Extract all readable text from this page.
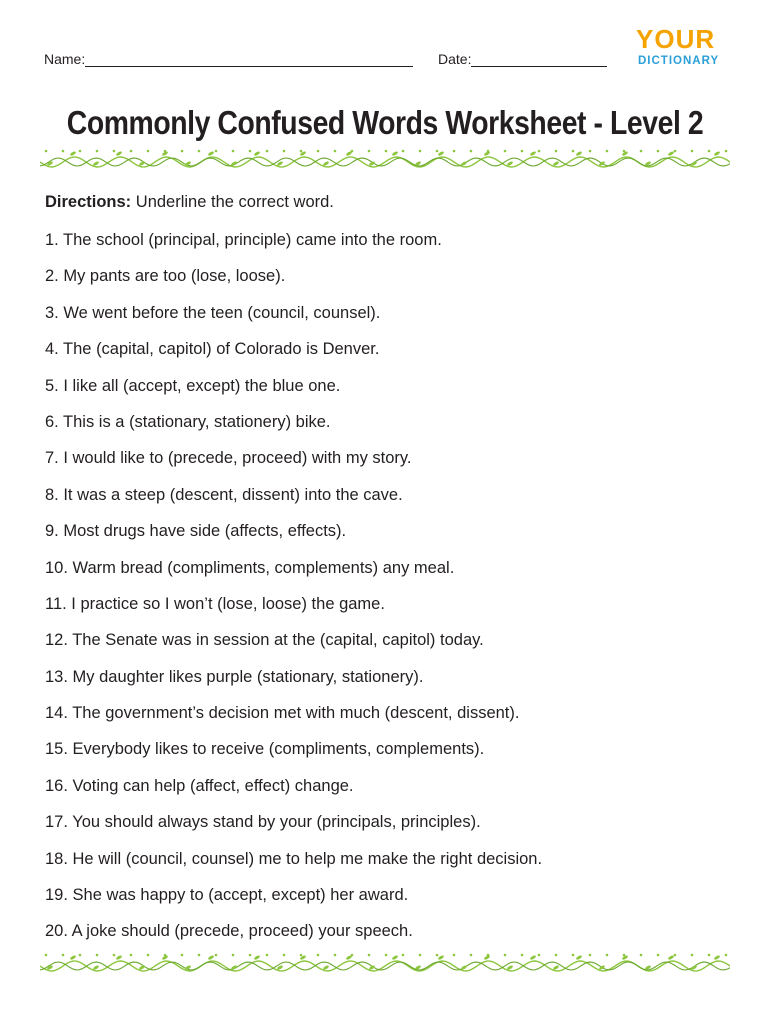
Name:	Date:
YOUR
DICTIONARY
Commonly Confused Words Worksheet - Level 2
Directions: Underline the correct word.
1. The school (principal, principle) came into the room.
2. My pants are too (lose, loose).
3. We went before the teen (council, counsel).
4. The (capital, capitol) of Colorado is Denver.
5. I like all (accept, except) the blue one.
6. This is a (stationary, stationery) bike.
7. I would like to (precede, proceed) with my story.
8. It was a steep (descent, dissent) into the cave.
9. Most drugs have side (affects, effects).
10. Warm bread (compliments, complements) any meal.
11. I practice so I won’t (lose, loose) the game.
12. The Senate was in session at the (capital, capitol) today.
13. My daughter likes purple (stationary, stationery).
14. The government’s decision met with much (descent, dissent).
15. Everybody likes to receive (compliments, complements).
16. Voting can help (affect, effect) change.
17. You should always stand by your (principals, principles).
18. He will (council, counsel) me to help me make the right decision.
19. She was happy to (accept, except) her award.
20. A joke should (precede, proceed) your speech.
